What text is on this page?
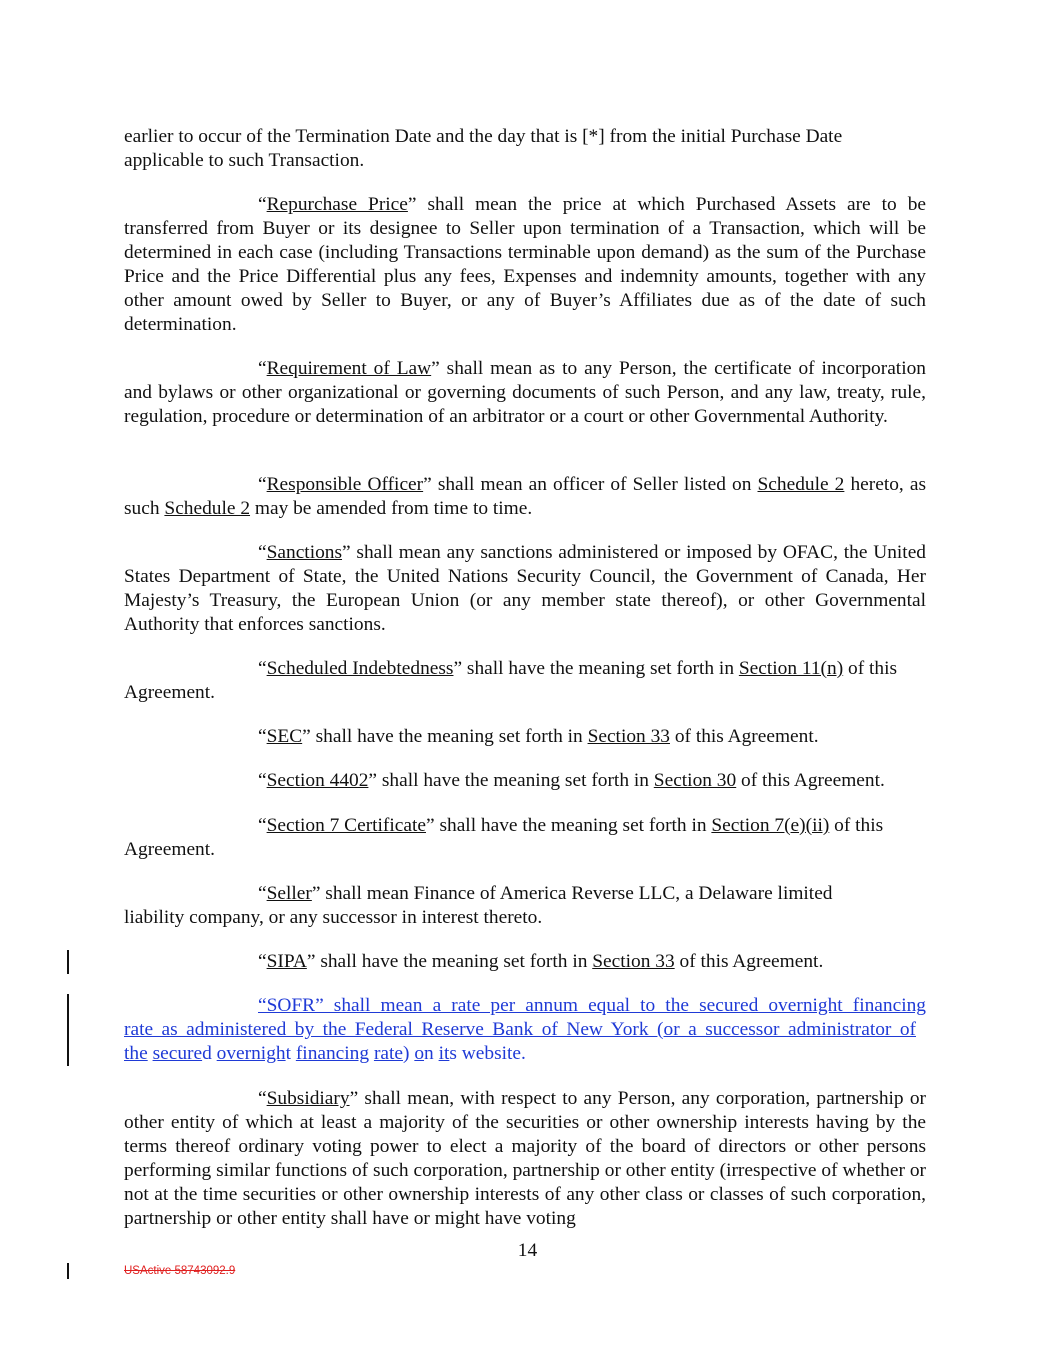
earlier to occur of the Termination Date and the day that is [*] from the initial Purchase Date applicable to such Transaction.
“Repurchase Price” shall mean the price at which Purchased Assets are to be transferred from Buyer or its designee to Seller upon termination of a Transaction, which will be determined in each case (including Transactions terminable upon demand) as the sum of the Purchase Price and the Price Differential plus any fees, Expenses and indemnity amounts, together with any other amount owed by Seller to Buyer, or any of Buyer’s Affiliates due as of the date of such determination.
“Requirement of Law” shall mean as to any Person, the certificate of incorporation and bylaws or other organizational or governing documents of such Person, and any law, treaty, rule, regulation, procedure or determination of an arbitrator or a court or other Governmental Authority.
“Responsible Officer” shall mean an officer of Seller listed on Schedule 2 hereto, as such Schedule 2 may be amended from time to time.
“Sanctions” shall mean any sanctions administered or imposed by OFAC, the United States Department of State, the United Nations Security Council, the Government of Canada, Her Majesty’s Treasury, the European Union (or any member state thereof), or other Governmental Authority that enforces sanctions.
“Scheduled Indebtedness” shall have the meaning set forth in Section 11(n) of this Agreement.
“SEC” shall have the meaning set forth in Section 33 of this Agreement.
“Section 4402” shall have the meaning set forth in Section 30 of this Agreement.
“Section 7 Certificate” shall have the meaning set forth in Section 7(e)(ii) of this Agreement.
“Seller” shall mean Finance of America Reverse LLC, a Delaware limited liability company, or any successor in interest thereto.
“SIPA” shall have the meaning set forth in Section 33 of this Agreement.
“SOFR” shall mean a rate per annum equal to the secured overnight financing
rate as administered by the Federal Reserve Bank of New York (or a successor administrator of
the secured overnight financing rate) on its website.
“Subsidiary” shall mean, with respect to any Person, any corporation, partnership or other entity of which at least a majority of the securities or other ownership interests having by the terms thereof ordinary voting power to elect a majority of the board of directors or other persons performing similar functions of such corporation, partnership or other entity (irrespective of whether or not at the time securities or other ownership interests of any other class or classes of such corporation, partnership or other entity shall have or might have voting
14
USActive 58743092.9
